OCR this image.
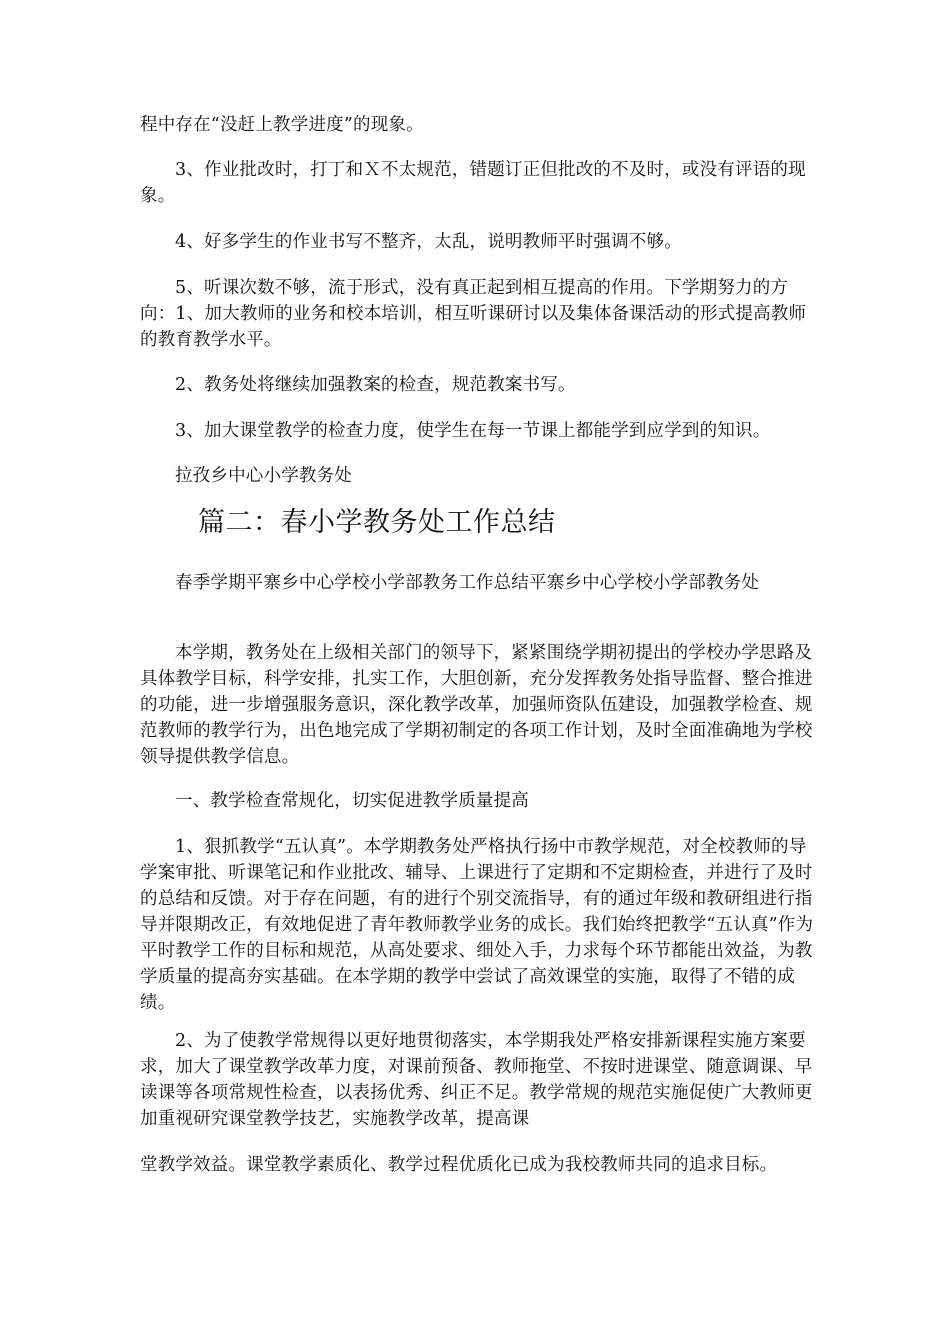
程中存在“没赶上教学进度”的现象。

3、作业批改时，打丁和Ｘ不太规范，错题订正但批改的不及时，或没有评语的现象。

4、好多学生的作业书写不整齐，太乱，说明教师平时强调不够。

5、听课次数不够，流于形式，没有真正起到相互提高的作用。下学期努力的方向：1、加大教师的业务和校本培训，相互听课研讨以及集体备课活动的形式提高教师的教育教学水平。

2、教务处将继续加强教案的检查，规范教案书写。

3、加大课堂教学的检查力度，使学生在每一节课上都能学到应学到的知识。

拉孜乡中心小学教务处

篇二：春小学教务处工作总结

春季学期平寨乡中心学校小学部教务工作总结平寨乡中心学校小学部教务处

本学期，教务处在上级相关部门的领导下，紧紧围绕学期初提出的学校办学思路及具体教学目标，科学安排，扎实工作，大胆创新，充分发挥教务处指导监督、整合推进的功能，进一步增强服务意识，深化教学改革，加强师资队伍建设，加强教学检查、规范教师的教学行为，出色地完成了学期初制定的各项工作计划，及时全面准确地为学校领导提供教学信息。

一、教学检查常规化，切实促进教学质量提高

1、狠抓教学“五认真”。本学期教务处严格执行扬中市教学规范，对全校教师的导学案审批、听课笔记和作业批改、辅导、上课进行了定期和不定期检查，并进行了及时的总结和反馈。对于存在问题，有的进行个别交流指导，有的通过年级和教研组进行指导并限期改正，有效地促进了青年教师教学业务的成长。我们始终把教学“五认真”作为平时教学工作的目标和规范，从高处要求、细处入手，力求每个环节都能出效益，为教学质量的提高夯实基础。在本学期的教学中尝试了高效课堂的实施，取得了不错的成绩。

2、为了使教学常规得以更好地贯彻落实，本学期我处严格安排新课程实施方案要求，加大了课堂教学改革力度，对课前预备、教师拖堂、不按时进课堂、随意调课、早读课等各项常规性检查，以表扬优秀、纠正不足。教学常规的规范实施促使广大教师更加重视研究课堂教学技艺，实施教学改革，提高课

堂教学效益。课堂教学素质化、教学过程优质化已成为我校教师共同的追求目标。
